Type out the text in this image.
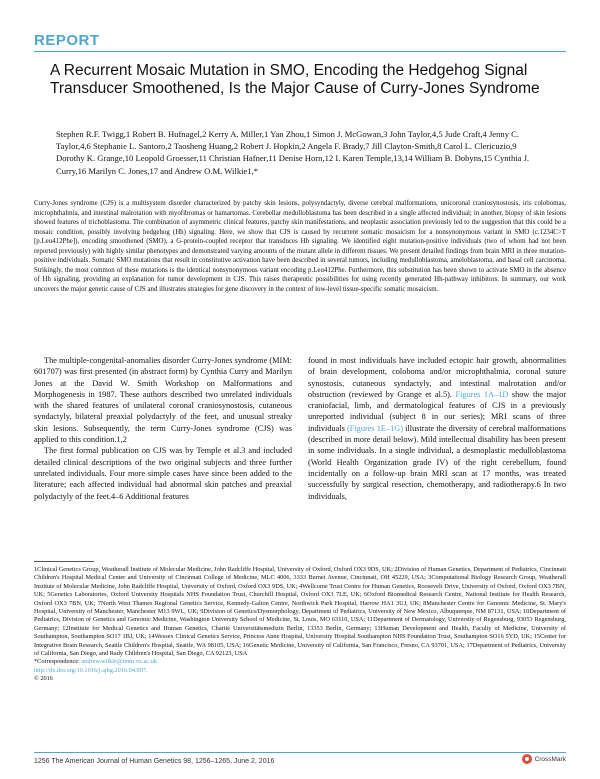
REPORT
A Recurrent Mosaic Mutation in SMO, Encoding the Hedgehog Signal Transducer Smoothened, Is the Major Cause of Curry-Jones Syndrome
Stephen R.F. Twigg,1 Robert B. Hufnagel,2 Kerry A. Miller,1 Yan Zhou,1 Simon J. McGowan,3 John Taylor,4,5 Jude Craft,4 Jenny C. Taylor,4,6 Stephanie L. Santoro,2 Taosheng Huang,2 Robert J. Hopkin,2 Angela F. Brady,7 Jill Clayton-Smith,8 Carol L. Clericuzio,9 Dorothy K. Grange,10 Leopold Groesser,11 Christian Hafner,11 Denise Horn,12 I. Karen Temple,13,14 William B. Dobyns,15 Cynthia J. Curry,16 Marilyn C. Jones,17 and Andrew O.M. Wilkie1,*
Curry-Jones syndrome (CJS) is a multisystem disorder characterized by patchy skin lesions, polysyndactyly, diverse cerebral malformations, unicoronal craniosynostosis, iris colobomas, microphthalmia, and intestinal malrotation with myofibromas or hamartomas. Cerebellar medulloblastoma has been described in a single affected individual; in another, biopsy of skin lesions showed features of trichoblastoma. The combination of asymmetric clinical features, patchy skin manifestations, and neoplastic association previously led to the suggestion that this could be a mosaic condition, possibly involving hedgehog (Hh) signaling. Here, we show that CJS is caused by recurrent somatic mosaicism for a nonsynonymous variant in SMO (c.1234C>T [p.Leu412Phe]), encoding smoothened (SMO), a G-protein-coupled receptor that transduces Hh signaling. We identified eight mutation-positive individuals (two of whom had not been reported previously) with highly similar phenotypes and demonstrated varying amounts of the mutant allele in different tissues. We present detailed findings from brain MRI in three mutation-positive individuals. Somatic SMO mutations that result in constitutive activation have been described in several tumors, including medulloblastoma, ameloblastoma, and basal cell carcinoma. Strikingly, the most common of these mutations is the identical nonsynonymous variant encoding p.Leu412Phe. Furthermore, this substitution has been shown to activate SMO in the absence of Hh signaling, providing an explanation for tumor development in CJS. This raises therapeutic possibilities for using recently generated Hh-pathway inhibitors. In summary, our work uncovers the major genetic cause of CJS and illustrates strategies for gene discovery in the context of low-level tissue-specific somatic mosaicism.

The multiple-congenital-anomalies disorder Curry-Jones syndrome (MIM: 601707) was first presented (in abstract form) by Cynthia Curry and Marilyn Jones at the David W. Smith Workshop on Malformations and Morphogenesis in 1987. These authors described two unrelated individuals with the shared features of unilateral coronal craniosynostosis, cutaneous syndactyly, bilateral preaxial polydactyly of the feet, and unusual streaky skin lesions. Subsequently, the term Curry-Jones syndrome (CJS) was applied to this condition.1,2

The first formal publication on CJS was by Temple et al.3 and included detailed clinical descriptions of the two original subjects and three further unrelated individuals. Four more simple cases have since been added to the literature; each affected individual had abnormal skin patches and preaxial polydactyly of the feet.4–6 Additional features

found in most individuals have included ectopic hair growth, abnormalities of brain development, coloboma and/or microphthalmia, coronal suture synostosis, cutaneous syndactyly, and intestinal malrotation and/or obstruction (reviewed by Grange et al.5). Figures 1A–1D show the major craniofacial, limb, and dermatological features of CJS in a previously unreported individual (subject 8 in our series); MRI scans of three individuals (Figures 1E–1G) illustrate the diversity of cerebral malformations (described in more detail below). Mild intellectual disability has been present in some individuals. In a single individual, a desmoplastic medulloblastoma (World Health Organization grade IV) of the right cerebellum, found incidentally on a follow-up brain MRI scan at 17 months, was treated successfully by surgical resection, chemotherapy, and radiotherapy.6 In two individuals,

1Clinical Genetics Group, Weatherall Institute of Molecular Medicine, John Radcliffe Hospital, University of Oxford, Oxford OX3 9DS, UK; 2Division of Human Genetics, Department of Pediatrics, Cincinnati Children's Hospital Medical Center and University of Cincinnati College of Medicine, MLC 4006, 3333 Burnet Avenue, Cincinnati, OH 45229, USA; 3Computational Biology Research Group, Weatherall Institute of Molecular Medicine, John Radcliffe Hospital, University of Oxford, Oxford OX3 9DS, UK; 4Wellcome Trust Centre for Human Genetics, Roosevelt Drive, University of Oxford, Oxford OX3 7BN, UK; 5Genetics Laboratories, Oxford University Hospitals NHS Foundation Trust, Churchill Hospital, Oxford OX3 7LE, UK; 6Oxford Biomedical Research Centre, National Institute for Health Research, Oxford OX3 7BN, UK; 7North West Thames Regional Genetics Service, Kennedy-Galton Centre, Northwick Park Hospital, Harrow HA1 3UJ, UK; 8Manchester Centre for Genomic Medicine, St. Mary's Hospital, University of Manchester, Manchester M13 9WL, UK; 9Division of Genetics/Dysmorphology, Department of Pediatrics, University of New Mexico, Albuquerque, NM 87131, USA; 10Department of Pediatrics, Division of Genetics and Genomic Medicine, Washington University School of Medicine, St. Louis, MO 63110, USA; 11Department of Dermatology, University of Regensburg, 93053 Regensburg, Germany; 12Institute for Medical Genetics and Human Genetics, Charité Universitätsmedizin Berlin, 13353 Berlin, Germany; 13Human Development and Health, Faculty of Medicine, University of Southampton, Southampton SO17 1BJ, UK; 14Wessex Clinical Genetics Service, Princess Anne Hospital, University Hospital Southampton NHS Foundation Trust, Southampton SO16 5YD, UK; 15Center for Integrative Brain Research, Seattle Children's Hospital, Seattle, WA 98105, USA; 16Genetic Medicine, University of California, San Francisco, Fresno, CA 93701, USA; 17Department of Pediatrics, University of California, San Diego, and Rady Children's Hospital, San Diego, CA 92123, USA
*Correspondence: andrew.wilkie@imm.ox.ac.uk
http://dx.doi.org/10.1016/j.ajhg.2016.04.007.
© 2016
1256 The American Journal of Human Genetics 98, 1256–1265, June 2, 2016	CrossMark
